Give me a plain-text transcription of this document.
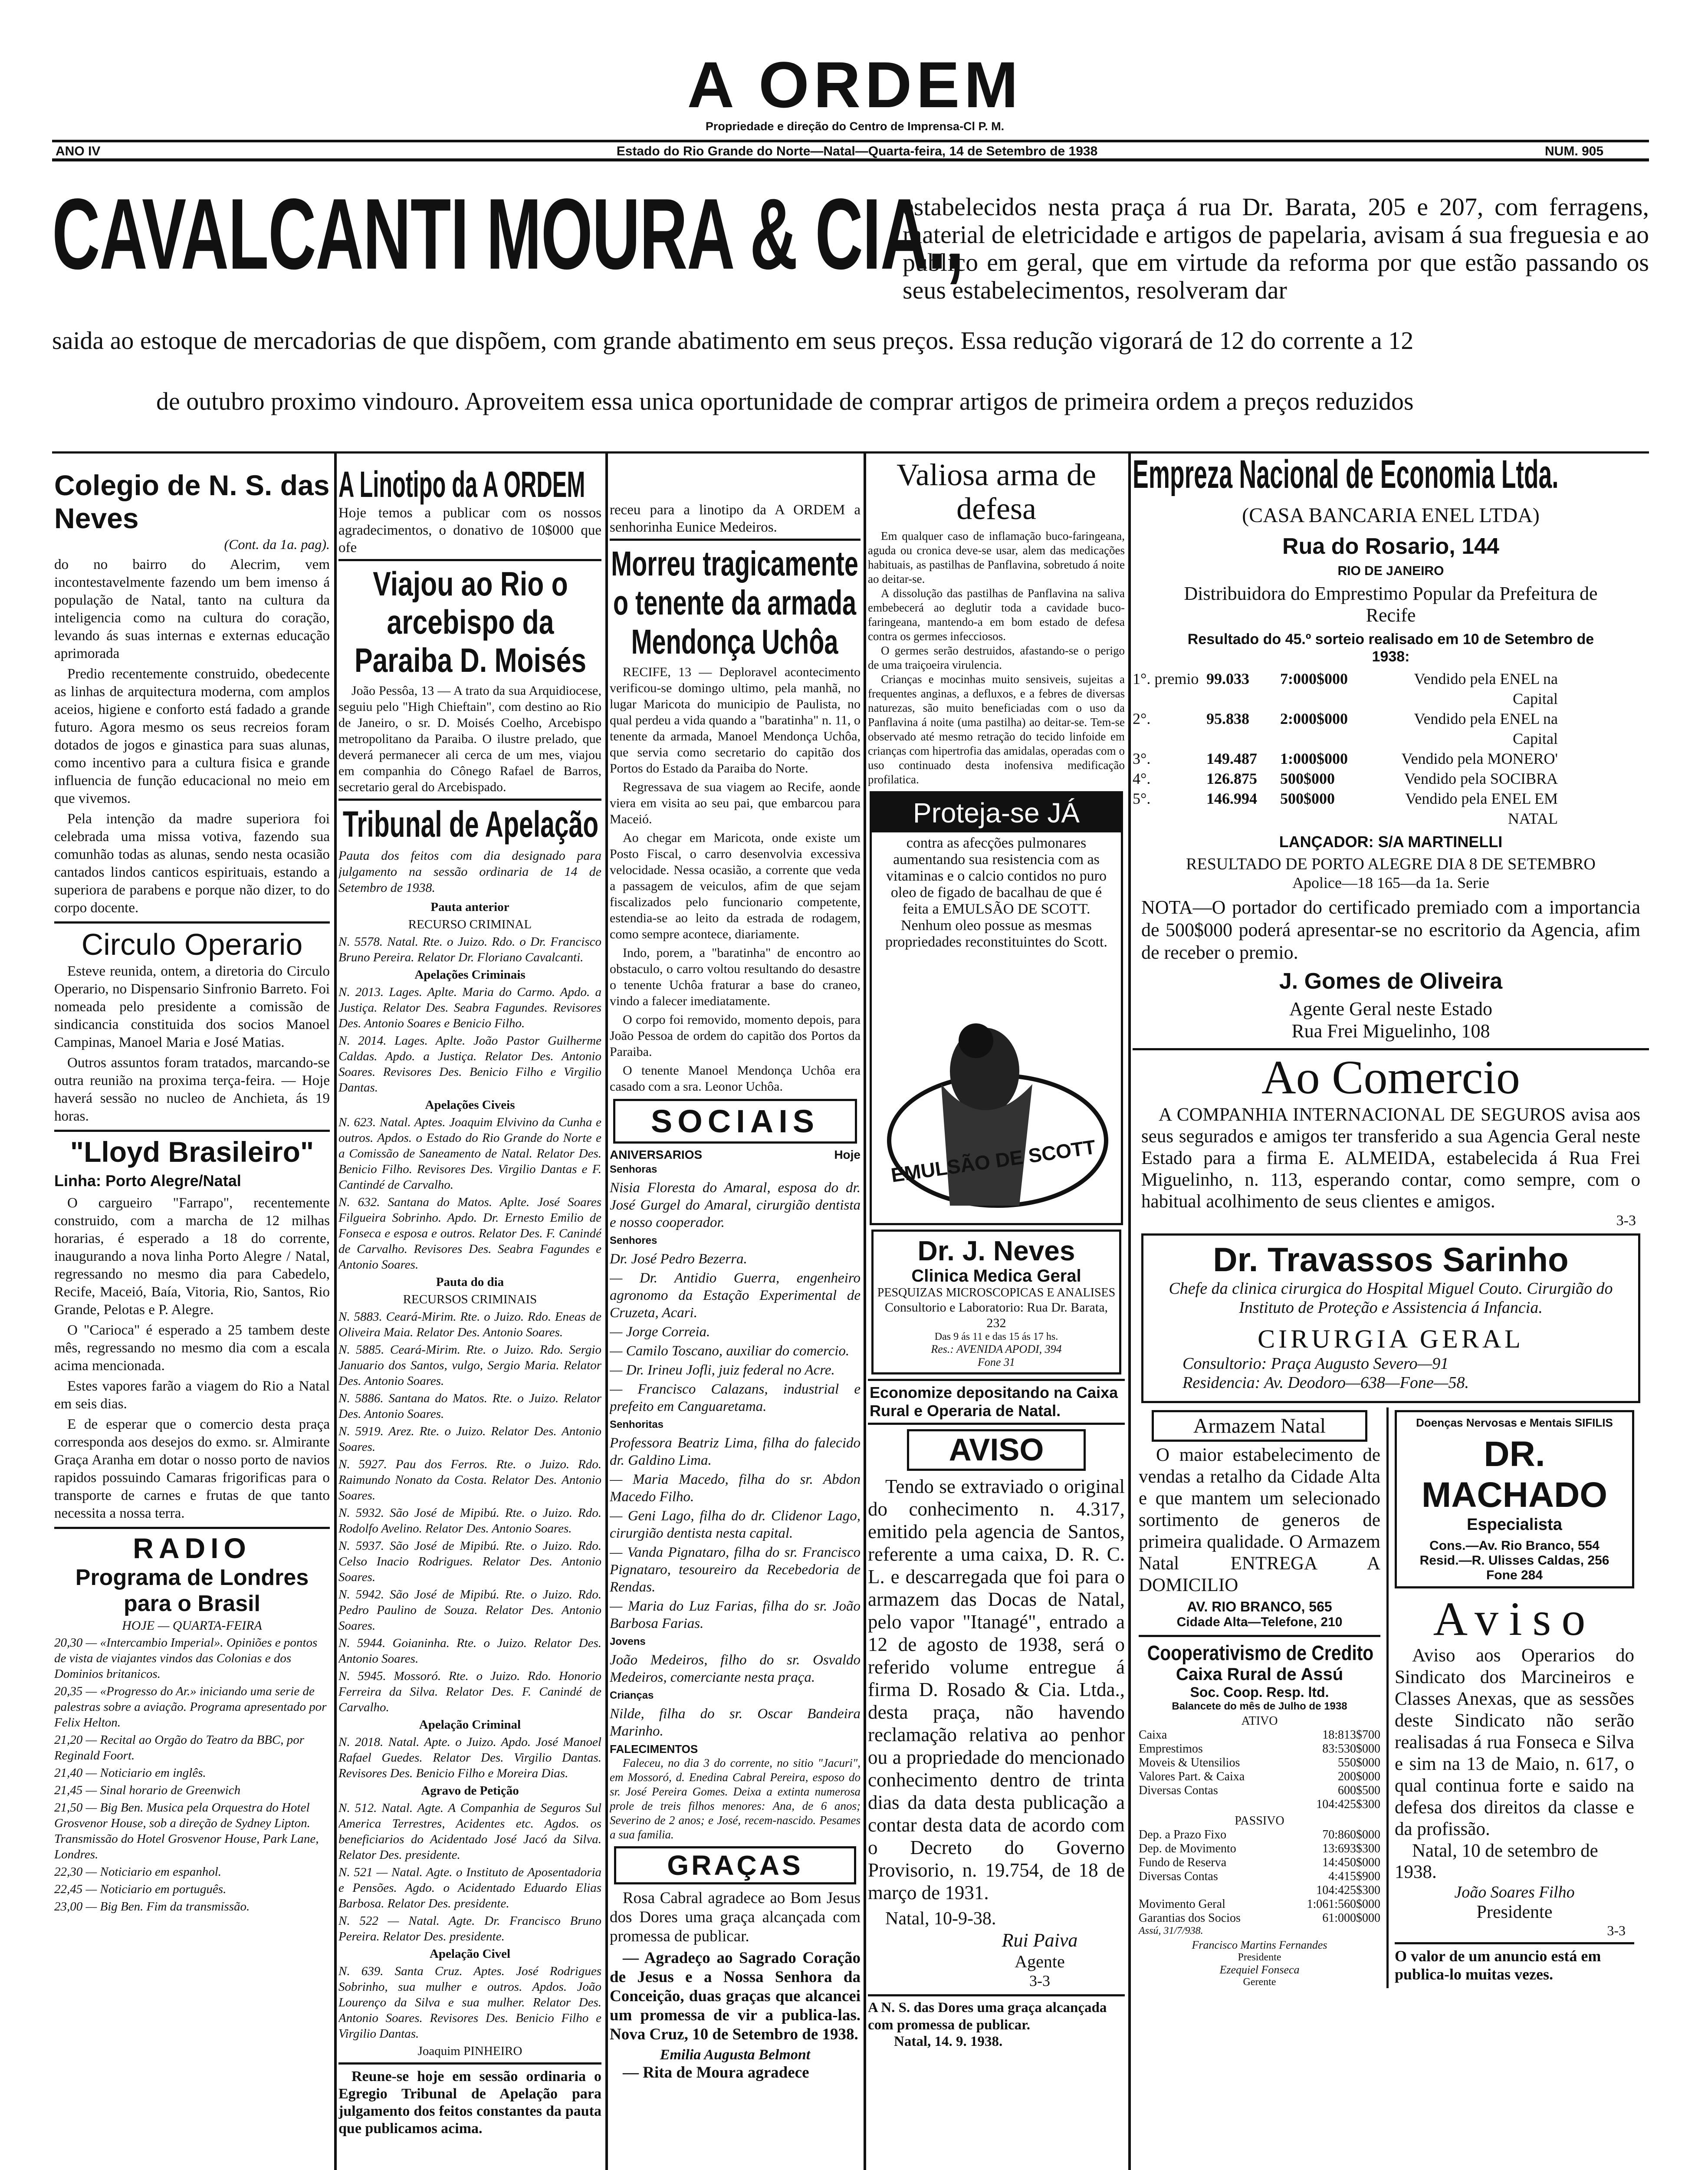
A ORDEM
Propriedade e direção do Centro de Imprensa-Cl P. M.
ANO IV	Estado do Rio Grande do Norte—Natal—Quarta-feira, 14 de Setembro de 1938	NUM. 905
CAVALCANTI MOURA & CIA.,
estabelecidos nesta praça á rua Dr. Barata, 205 e 207, com ferragens, material de eletricidade e artigos de papelaria, avisam á sua freguesia e ao publico em geral, que em virtude da reforma por que estão passando os seus estabelecimentos, resolveram dar
saida ao estoque de mercadorias de que dispõem, com grande abatimento em seus preços. Essa redução vigorará de 12 do corrente a 12
de outubro proximo vindouro. Aproveitem essa unica oportunidade de comprar artigos de primeira ordem a preços reduzidos
Colegio de N. S. das Neves
(Cont. da 1a. pag).
do no bairro do Alecrim, vem incontestavelmente fazendo um bem imenso á população de Natal, tanto na cultura da inteligencia como na cultura do coração, levando ás suas internas e externas educação aprimorada
Predio recentemente construido, obedecente as linhas de arquitectura moderna, com amplos aceios, higiene e conforto está fadado a grande futuro. Agora mesmo os seus recreios foram dotados de jogos e ginastica para suas alunas, como incentivo para a cultura fisica e grande influencia de função educacional no meio em que vivemos.
Pela intenção da madre superiora foi celebrada uma missa votiva, fazendo sua comunhão todas as alunas, sendo nesta ocasião cantados lindos canticos espirituais, estando a superiora de parabens e porque não dizer, to do corpo docente.
Circulo Operario
Esteve reunida, ontem, a diretoria do Circulo Operario, no Dispensario Sinfronio Barreto. Foi nomeada pelo presidente a comissão de sindicancia constituida dos socios Manoel Campinas, Manoel Maria e José Matias.
Outros assuntos foram tratados, marcando-se outra reunião na proxima terça-feira. — Hoje haverá sessão no nucleo de Anchieta, ás 19 horas.
"Lloyd Brasileiro"
Linha: Porto Alegre/Natal
O cargueiro "Farrapo", recentemente construido, com a marcha de 12 milhas horarias, é esperado a 18 do corrente, inaugurando a nova linha Porto Alegre / Natal, regressando no mesmo dia para Cabedelo, Recife, Maceió, Baía, Vitoria, Rio, Santos, Rio Grande, Pelotas e P. Alegre.
O "Carioca" é esperado a 25 tambem deste mês, regressando no mesmo dia com a escala acima mencionada.
Estes vapores farão a viagem do Rio a Natal em seis dias.
E de esperar que o comercio desta praça corresponda aos desejos do exmo. sr. Almirante Graça Aranha em dotar o nosso porto de navios rapidos possuindo Camaras frigorificas para o transporte de carnes e frutas de que tanto necessita a nossa terra.
RADIO
Programa de Londres para o Brasil
HOJE — QUARTA-FEIRA
20,30 — «Intercambio Imperial». Opiniões e pontos de vista de viajantes vindos das Colonias e dos Dominios britanicos.
20,35 — «Progresso do Ar.» iniciando uma serie de palestras sobre a aviação. Programa apresentado por Felix Helton.
21,20 — Recital ao Orgão do Teatro da BBC, por Reginald Foort.
21,40 — Noticiario em inglês.
21,45 — Sinal horario de Greenwich
21,50 — Big Ben. Musica pela Orquestra do Hotel Grosvenor House, sob a direção de Sydney Lipton. Transmissão do Hotel Grosvenor House, Park Lane, Londres.
22,30 — Noticiario em espanhol.
22,45 — Noticiario em português.
23,00 — Big Ben. Fim da transmissão.
A Linotipo da A ORDEM
Hoje temos a publicar com os nossos agradecimentos, o donativo de 10$000 que ofe
Viajou ao Rio o arcebispo da Paraiba D. Moisés
João Pessôa, 13 — A trato da sua Arquidiocese, seguiu pelo "High Chieftain", com destino ao Rio de Janeiro, o sr. D. Moisés Coelho, Arcebispo metropolitano da Paraiba. O ilustre prelado, que deverá permanecer ali cerca de um mes, viajou em companhia do Cônego Rafael de Barros, secretario geral do Arcebispado.
Tribunal de Apelação
Pauta dos feitos com dia designado para julgamento na sessão ordinaria de 14 de Setembro de 1938.
Pauta anterior
RECURSO CRIMINAL
N. 5578. Natal. Rte. o Juizo. Rdo. o Dr. Francisco Bruno Pereira. Relator Dr. Floriano Cavalcanti.
Apelações Criminais
N. 2013. Lages. Aplte. Maria do Carmo. Apdo. a Justiça. Relator Des. Seabra Fagundes. Revisores Des. Antonio Soares e Benicio Filho.
N. 2014. Lages. Aplte. João Pastor Guilherme Caldas. Apdo. a Justiça. Relator Des. Antonio Soares. Revisores Des. Benicio Filho e Virgilio Dantas.
Apelações Civeis
N. 623. Natal. Aptes. Joaquim Elvivino da Cunha e outros. Apdos. o Estado do Rio Grande do Norte e a Comissão de Saneamento de Natal. Relator Des. Benicio Filho. Revisores Des. Virgilio Dantas e F. Cantindé de Carvalho.
N. 632. Santana do Matos. Aplte. José Soares Filgueira Sobrinho. Apdo. Dr. Ernesto Emilio de Fonseca e esposa e outros. Relator Des. F. Canindé de Carvalho. Revisores Des. Seabra Fagundes e Antonio Soares.
Pauta do dia
RECURSOS CRIMINAIS
N. 5883. Ceará-Mirim. Rte. o Juizo. Rdo. Eneas de Oliveira Maia. Relator Des. Antonio Soares.
N. 5885. Ceará-Mirim. Rte. o Juizo. Rdo. Sergio Januario dos Santos, vulgo, Sergio Maria. Relator Des. Antonio Soares.
N. 5886. Santana do Matos. Rte. o Juizo. Relator Des. Antonio Soares.
N. 5919. Arez. Rte. o Juizo. Relator Des. Antonio Soares.
N. 5927. Pau dos Ferros. Rte. o Juizo. Rdo. Raimundo Nonato da Costa. Relator Des. Antonio Soares.
N. 5932. São José de Mipibú. Rte. o Juizo. Rdo. Rodolfo Avelino. Relator Des. Antonio Soares.
N. 5937. São José de Mipibú. Rte. o Juizo. Rdo. Celso Inacio Rodrigues. Relator Des. Antonio Soares.
N. 5942. São José de Mipibú. Rte. o Juizo. Rdo. Pedro Paulino de Souza. Relator Des. Antonio Soares.
N. 5944. Goianinha. Rte. o Juizo. Relator Des. Antonio Soares.
N. 5945. Mossoró. Rte. o Juizo. Rdo. Honorio Ferreira da Silva. Relator Des. F. Canindé de Carvalho.
Apelação Criminal
N. 2018. Natal. Apte. o Juizo. Apdo. José Manoel Rafael Guedes. Relator Des. Virgilio Dantas. Revisores Des. Benicio Filho e Moreira Dias.
Agravo de Petição
N. 512. Natal. Agte. A Companhia de Seguros Sul America Terrestres, Acidentes etc. Agdos. os beneficiarios do Acidentado José Jacó da Silva. Relator Des. presidente.
N. 521 — Natal. Agte. o Instituto de Aposentadoria e Pensões. Agdo. o Acidentado Eduardo Elias Barbosa. Relator Des. presidente.
N. 522 — Natal. Agte. Dr. Francisco Bruno Pereira. Relator Des. presidente.
Apelação Civel
N. 639. Santa Cruz. Aptes. José Rodrigues Sobrinho, sua mulher e outros. Apdos. João Lourenço da Silva e sua mulher. Relator Des. Antonio Soares. Revisores Des. Benicio Filho e Virgilio Dantas.
Joaquim PINHEIRO
Reune-se hoje em sessão ordinaria o Egregio Tribunal de Apelação para julgamento dos feitos constantes da pauta que publicamos acima.
receu para a linotipo da A ORDEM a senhorinha Eunice Medeiros.
Morreu tragicamente o tenente da armada Mendonça Uchôa
RECIFE, 13 — Deploravel acontecimento verificou-se domingo ultimo, pela manhã, no lugar Maricota do municipio de Paulista, no qual perdeu a vida quando a "baratinha" n. 11, o tenente da armada, Manoel Mendonça Uchôa, que servia como secretario do capitão dos Portos do Estado da Paraiba do Norte.
Regressava de sua viagem ao Recife, aonde viera em visita ao seu pai, que embarcou para Maceió.
Ao chegar em Maricota, onde existe um Posto Fiscal, o carro desenvolvia excessiva velocidade. Nessa ocasião, a corrente que veda a passagem de veiculos, afim de que sejam fiscalizados pelo funcionario competente, estendia-se ao leito da estrada de rodagem, como sempre acontece, diariamente.
Indo, porem, a "baratinha" de encontro ao obstaculo, o carro voltou resultando do desastre o tenente Uchôa fraturar a base do craneo, vindo a falecer imediatamente.
O corpo foi removido, momento depois, para João Pessoa de ordem do capitão dos Portos da Paraiba.
O tenente Manoel Mendonça Uchôa era casado com a sra. Leonor Uchôa.
SOCIAIS
ANIVERSARIOS	Hoje
Senhoras
Nisia Floresta do Amaral, esposa do dr. José Gurgel do Amaral, cirurgião dentista e nosso cooperador.
Senhores
Dr. José Pedro Bezerra.
— Dr. Antidio Guerra, engenheiro agronomo da Estação Experimental de Cruzeta, Acari.
— Jorge Correia.
— Camilo Toscano, auxiliar do comercio.
— Dr. Irineu Jofli, juiz federal no Acre.
— Francisco Calazans, industrial e prefeito em Canguaretama.
Senhoritas
Professora Beatriz Lima, filha do falecido dr. Galdino Lima.
— Maria Macedo, filha do sr. Abdon Macedo Filho.
— Geni Lago, filha do dr. Clidenor Lago, cirurgião dentista nesta capital.
— Vanda Pignataro, filha do sr. Francisco Pignataro, tesoureiro da Recebedoria de Rendas.
— Maria do Luz Farias, filha do sr. João Barbosa Farias.
Jovens
João Medeiros, filho do sr. Osvaldo Medeiros, comerciante nesta praça.
Crianças
Nilde, filha do sr. Oscar Bandeira Marinho.
FALECIMENTOS
Faleceu, no dia 3 do corrente, no sitio "Jacuri", em Mossoró, d. Enedina Cabral Pereira, esposo do sr. José Pereira Gomes. Deixa a extinta numerosa prole de treis filhos menores: Ana, de 6 anos; Severino de 2 anos; e José, recem-nascido. Pesames a sua familia.
GRAÇAS
Rosa Cabral agradece ao Bom Jesus dos Dores uma graça alcançada com promessa de publicar.
— Agradeço ao Sagrado Coração de Jesus e a Nossa Senhora da Conceição, duas graças que alcancei um promessa de vir a publica-las. Nova Cruz, 10 de Setembro de 1938.
Emilia Augusta Belmont
— Rita de Moura agradece
Valiosa arma de defesa
Em qualquer caso de inflamação buco-faringeana, aguda ou cronica deve-se usar, alem das medicações habituais, as pastilhas de Panflavina, sobretudo á noite ao deitar-se.
A dissolução das pastilhas de Panflavina na saliva embebecerá ao deglutir toda a cavidade buco-faringeana, mantendo-a em bom estado de defesa contra os germes infecciosos.
O germes serão destruidos, afastando-se o perigo de uma traiçoeira virulencia.
Crianças e mocinhas muito sensiveis, sujeitas a frequentes anginas, a defluxos, e a febres de diversas naturezas, são muito beneficiadas com o uso da Panflavina á noite (uma pastilha) ao deitar-se. Tem-se observado até mesmo retração do tecido linfoide em crianças com hipertrofia das amidalas, operadas com o uso continuado desta inofensiva medificação profilatica.
Proteja-se JÁ
contra as afecções pulmonares aumentando sua resistencia com as vitaminas e o calcio contidos no puro oleo de figado de bacalhau de que é feita a EMULSÃO DE SCOTT. Nenhum oleo possue as mesmas propriedades reconstituintes do Scott.
EMULSÃO DE SCOTT
Dr. J. Neves
Clinica Medica Geral
PESQUIZAS MICROSCOPICAS E ANALISES
Consultorio e Laboratorio: Rua Dr. Barata, 232
Das 9 ás 11 e das 15 ás 17 hs.
Res.: AVENIDA APODI, 394
Fone 31
Economize depositando na Caixa Rural e Operaria de Natal.
AVISO
Tendo se extraviado o original do conhecimento n. 4.317, emitido pela agencia de Santos, referente a uma caixa, D. R. C. L. e descarregada que foi para o armazem das Docas de Natal, pelo vapor "Itanagé", entrado a 12 de agosto de 1938, será o referido volume entregue á firma D. Rosado & Cia. Ltda., desta praça, não havendo reclamação relativa ao penhor ou a propriedade do mencionado conhecimento dentro de trinta dias da data desta publicação a contar desta data de acordo com o Decreto do Governo Provisorio, n. 19.754, de 18 de março de 1931.
Natal, 10-9-38.
Rui Paiva
Agente
3-3
A N. S. das Dores uma graça alcançada com promessa de publicar.
Natal, 14. 9. 1938.
Empreza Nacional de Economia Ltda.
(CASA BANCARIA ENEL LTDA)
Rua do Rosario, 144
RIO DE JANEIRO
Distribuidora do Emprestimo Popular da Prefeitura de Recife
Resultado do 45.º sorteio realisado em 10 de Setembro de 1938:
1°. premio 99.033	7:000$000	Vendido pela ENEL na Capital
2°.	95.838	2:000$000	Vendido pela ENEL na Capital
3°.	149.487	1:000$000	Vendido pela MONERO'
4°.	126.875	500$000	Vendido pela SOCIBRA
5°.	146.994	500$000	Vendido pela ENEL EM NATAL
LANÇADOR: S/A MARTINELLI
RESULTADO DE PORTO ALEGRE DIA 8 DE SETEMBRO
Apolice—18 165—da 1a. Serie
NOTA—O portador do certificado premiado com a importancia de 500$000 poderá apresentar-se no escritorio da Agencia, afim de receber o premio.
J. Gomes de Oliveira
Agente Geral neste Estado
Rua Frei Miguelinho, 108
Ao Comercio
A COMPANHIA INTERNACIONAL DE SEGUROS avisa aos seus segurados e amigos ter transferido a sua Agencia Geral neste Estado para a firma E. ALMEIDA, estabelecida á Rua Frei Miguelinho, n. 113, esperando contar, como sempre, com o habitual acolhimento de seus clientes e amigos.
3-3
Dr. Travassos Sarinho
Chefe da clinica cirurgica do Hospital Miguel Couto. Cirurgião do Instituto de Proteção e Assistencia á Infancia.
CIRURGIA GERAL
Consultorio: Praça Augusto Severo—91
Residencia: Av. Deodoro—638—Fone—58.
Armazem Natal
O maior estabelecimento de vendas a retalho da Cidade Alta e que mantem um selecionado sortimento de generos de primeira qualidade. O Armazem Natal ENTREGA A DOMICILIO
AV. RIO BRANCO, 565
Cidade Alta—Telefone, 210
Cooperativismo de Credito
Caixa Rural de Assú
Soc. Coop. Resp. ltd.
Balancete do mês de Julho de 1938
ATIVO
Caixa	18:813$700
Emprestimos	83:530$000
Moveis & Utensilios	550$000
Valores Part. & Caixa	200$000
Diversas Contas	600$500
104:425$300
PASSIVO
Dep. a Prazo Fixo	70:860$000
Dep. de Movimento	13:693$300
Fundo de Reserva	14:450$000
Diversas Contas	4:415$900
104:425$300
Movimento Geral	1:061:560$000
Garantias dos Socios	61:000$000
Assú, 31/7/938.
Francisco Martins Fernandes
Presidente
Ezequiel Fonseca
Gerente
Doenças Nervosas e Mentais SIFILIS
DR. MACHADO
Especialista
Cons.—Av. Rio Branco, 554
Resid.—R. Ulisses Caldas, 256
Fone 284
Aviso
Aviso aos Operarios do Sindicato dos Marcineiros e Classes Anexas, que as sessões deste Sindicato não serão realisadas á rua Fonseca e Silva e sim na 13 de Maio, n. 617, o qual continua forte e saido na defesa dos direitos da classe e da profissão.
Natal, 10 de setembro de 1938.
João Soares Filho
Presidente
3-3
O valor de um anuncio está em publica-lo muitas vezes.
